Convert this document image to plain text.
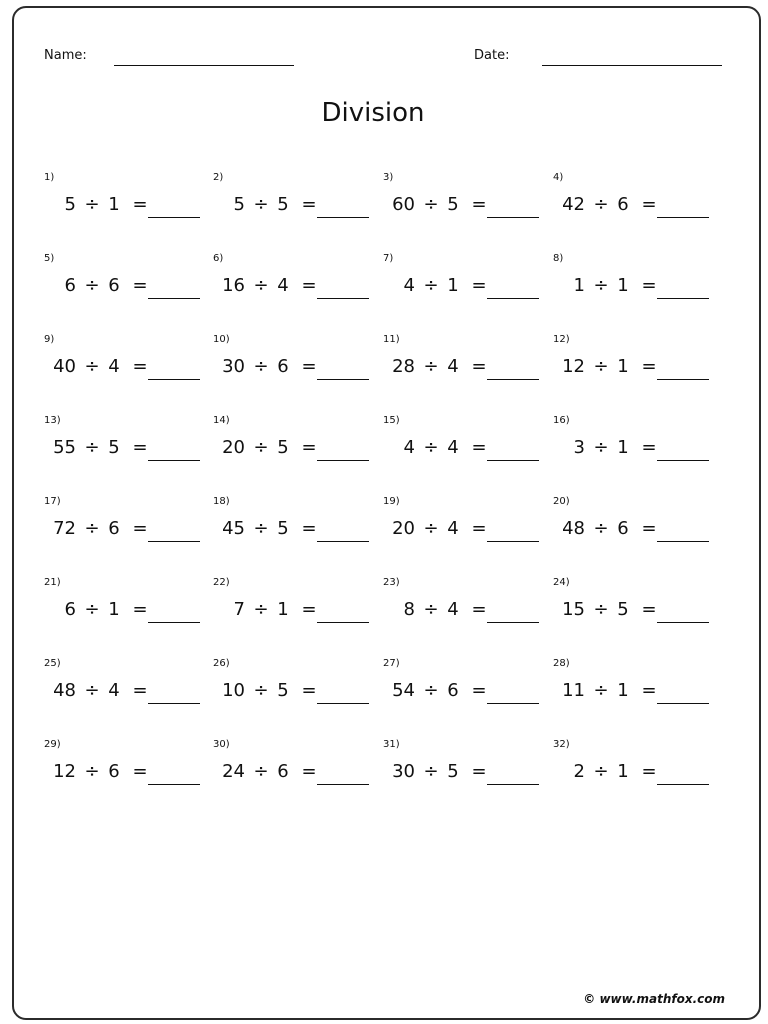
Name:	Date:
Division
1)
5 ÷ 1 =
2)
5 ÷ 5 =
3)
60 ÷ 5 =
4)
42 ÷ 6 =
5)
6 ÷ 6 =
6)
16 ÷ 4 =
7)
4 ÷ 1 =
8)
1 ÷ 1 =
9)
40 ÷ 4 =
10)
30 ÷ 6 =
11)
28 ÷ 4 =
12)
12 ÷ 1 =
13)
55 ÷ 5 =
14)
20 ÷ 5 =
15)
4 ÷ 4 =
16)
3 ÷ 1 =
17)
72 ÷ 6 =
18)
45 ÷ 5 =
19)
20 ÷ 4 =
20)
48 ÷ 6 =
21)
6 ÷ 1 =
22)
7 ÷ 1 =
23)
8 ÷ 4 =
24)
15 ÷ 5 =
25)
48 ÷ 4 =
26)
10 ÷ 5 =
27)
54 ÷ 6 =
28)
11 ÷ 1 =
29)
12 ÷ 6 =
30)
24 ÷ 6 =
31)
30 ÷ 5 =
32)
2 ÷ 1 =
© www.mathfox.com
